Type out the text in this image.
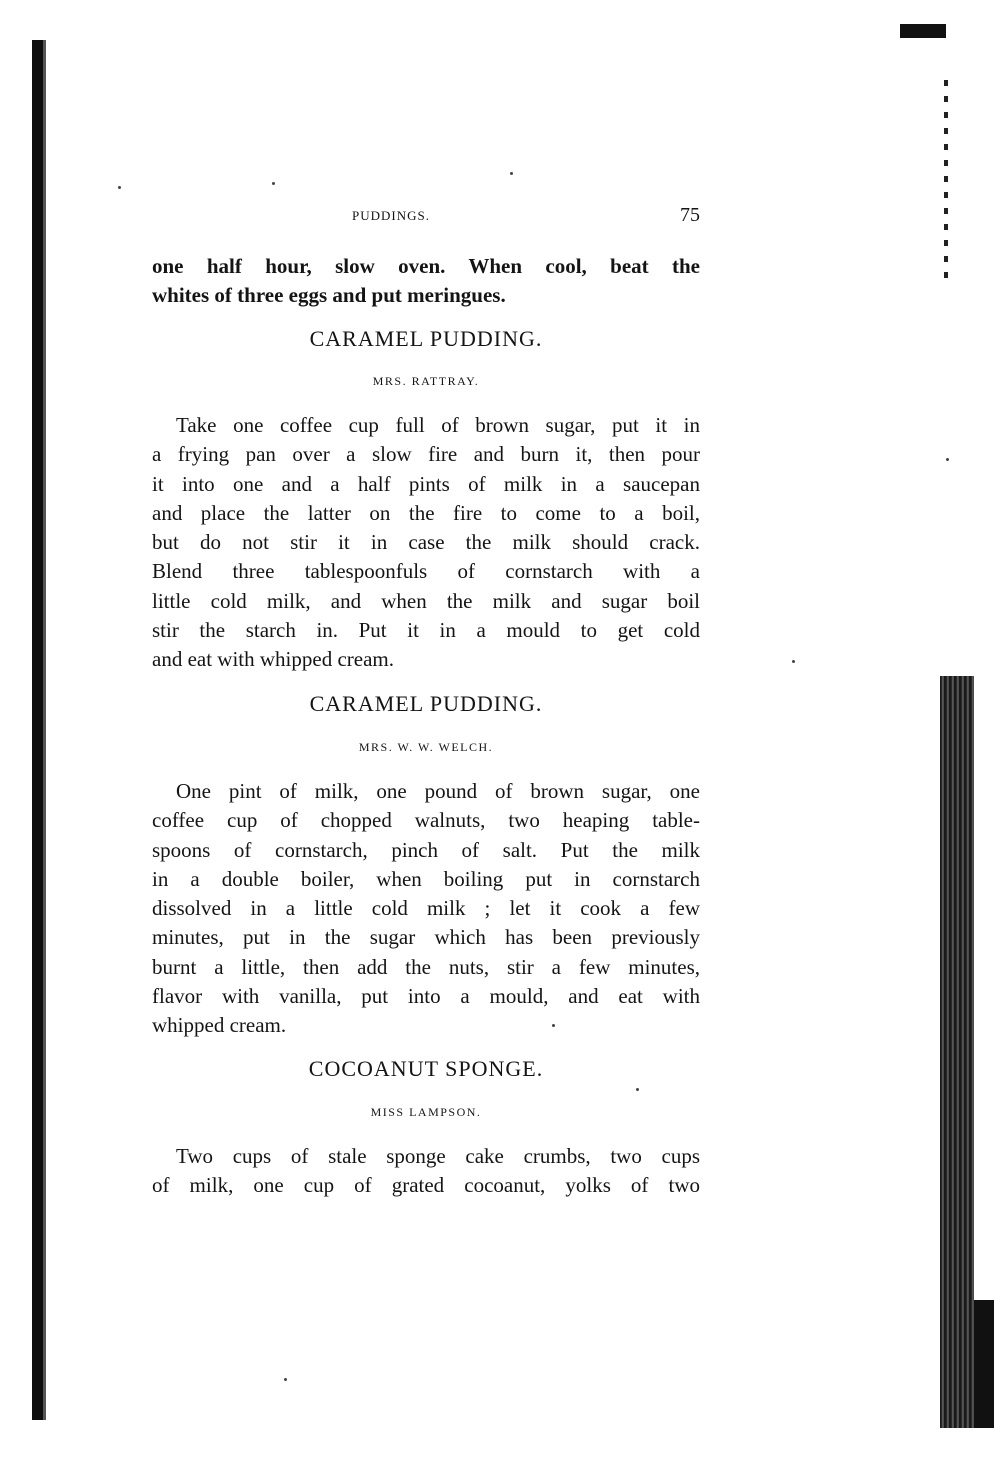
PUDDINGS.	75
one half hour, slow oven. When cool, beat the
whites of three eggs and put meringues.
CARAMEL PUDDING.
MRS. RATTRAY.
Take one coffee cup full of brown sugar, put it in
a frying pan over a slow fire and burn it, then pour
it into one and a half pints of milk in a saucepan
and place the latter on the fire to come to a boil,
but do not stir it in case the milk should crack.
Blend three tablespoonfuls of cornstarch with a
little cold milk, and when the milk and sugar boil
stir the starch in. Put it in a mould to get cold
and eat with whipped cream.
CARAMEL PUDDING.
MRS. W. W. WELCH.
One pint of milk, one pound of brown sugar, one
coffee cup of chopped walnuts, two heaping table-
spoons of cornstarch, pinch of salt. Put the milk
in a double boiler, when boiling put in cornstarch
dissolved in a little cold milk ; let it cook a few
minutes, put in the sugar which has been previously
burnt a little, then add the nuts, stir a few minutes,
flavor with vanilla, put into a mould, and eat with
whipped cream.
COCOANUT SPONGE.
MISS LAMPSON.
Two cups of stale sponge cake crumbs, two cups
of milk, one cup of grated cocoanut, yolks of two
